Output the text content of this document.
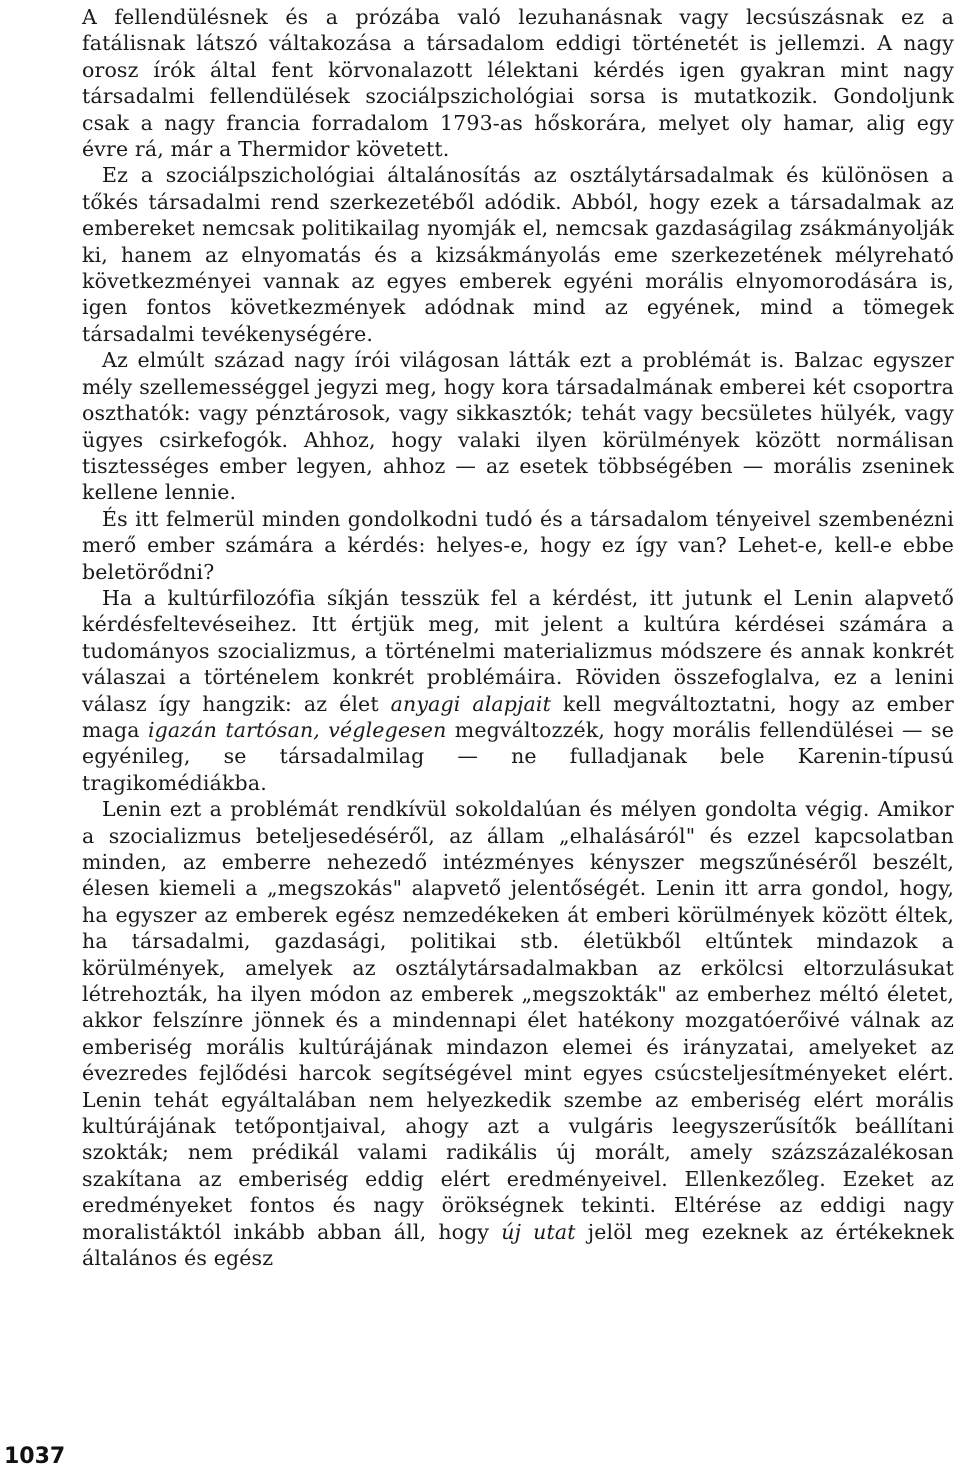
A fellendülésnek és a prózába való lezuhanásnak vagy lecsúszásnak ez a fatálisnak látszó váltakozása a társadalom eddigi történetét is jellemzi. A nagy orosz írók által fent körvonalazott lélektani kérdés igen gyakran mint nagy társadalmi fellendülések szociálpszichológiai sorsa is mutatkozik. Gondoljunk csak a nagy francia forradalom 1793-as hőskorára, melyet oly hamar, alig egy évre rá, már a Thermidor követett.

Ez a szociálpszichológiai általánosítás az osztálytársadalmak és különösen a tőkés társadalmi rend szerkezetéből adódik. Abból, hogy ezek a társadalmak az embereket nemcsak politikailag nyomják el, nemcsak gazdaságilag zsákmányolják ki, hanem az elnyomatás és a kizsákmányolás eme szerkezetének mélyreható következményei vannak az egyes emberek egyéni morális elnyomorodására is, igen fontos következmények adódnak mind az egyének, mind a tömegek társadalmi tevékenységére.

Az elmúlt század nagy írói világosan látták ezt a problémát is. Balzac egyszer mély szellemességgel jegyzi meg, hogy kora társadalmának emberei két csoportra oszthatók: vagy pénztárosok, vagy sikkasztók; tehát vagy becsületes hülyék, vagy ügyes csirkefogók. Ahhoz, hogy valaki ilyen körülmények között normálisan tisztességes ember legyen, ahhoz — az esetek többségében — morális zseninek kellene lennie.

És itt felmerül minden gondolkodni tudó és a társadalom tényeivel szembenézni merő ember számára a kérdés: helyes-e, hogy ez így van? Lehet-e, kell-e ebbe beletörődni?

Ha a kultúrfilozófia síkján tesszük fel a kérdést, itt jutunk el Lenin alapvető kérdésfeltevéseihez. Itt értjük meg, mit jelent a kultúra kérdései számára a tudományos szocializmus, a történelmi materializmus módszere és annak konkrét válaszai a történelem konkrét problémáira. Röviden összefoglalva, ez a lenini válasz így hangzik: az élet anyagi alapjait kell megváltoztatni, hogy az ember maga igazán tartósan, véglegesen megváltozzék, hogy morális fellendülései — se egyénileg, se társadalmilag — ne fulladjanak bele Karenin-típusú tragikomédiákba.

Lenin ezt a problémát rendkívül sokoldalúan és mélyen gondolta végig. Amikor a szocializmus beteljesedéséről, az állam „elhalásáról" és ezzel kapcsolatban minden, az emberre nehezedő intézményes kényszer megszűnéséről beszélt, élesen kiemeli a „megszokás" alapvető jelentőségét. Lenin itt arra gondol, hogy, ha egyszer az emberek egész nemzedékeken át emberi körülmények között éltek, ha társadalmi, gazdasági, politikai stb. életükből eltűntek mindazok a körülmények, amelyek az osztálytársadalmakban az erkölcsi eltorzulásukat létrehozták, ha ilyen módon az emberek „megszokták" az emberhez méltó életet, akkor felszínre jönnek és a mindennapi élet hatékony mozgatóerőivé válnak az emberiség morális kultúrájának mindazon elemei és irányzatai, amelyeket az évezredes fejlődési harcok segítségével mint egyes csúcsteljesítményeket elért. Lenin tehát egyáltalában nem helyezkedik szembe az emberiség elért morális kultúrájának tetőpontjaival, ahogy azt a vulgáris leegyszerűsítők beállítani szokták; nem prédikál valami radikális új morált, amely százszázalékosan szakítana az emberiség eddig elért eredményeivel. Ellenkezőleg. Ezeket az eredményeket fontos és nagy örökségnek tekinti. Eltérése az eddigi nagy moralistáktól inkább abban áll, hogy új utat jelöl meg ezeknek az értékeknek általános és egész

1037
